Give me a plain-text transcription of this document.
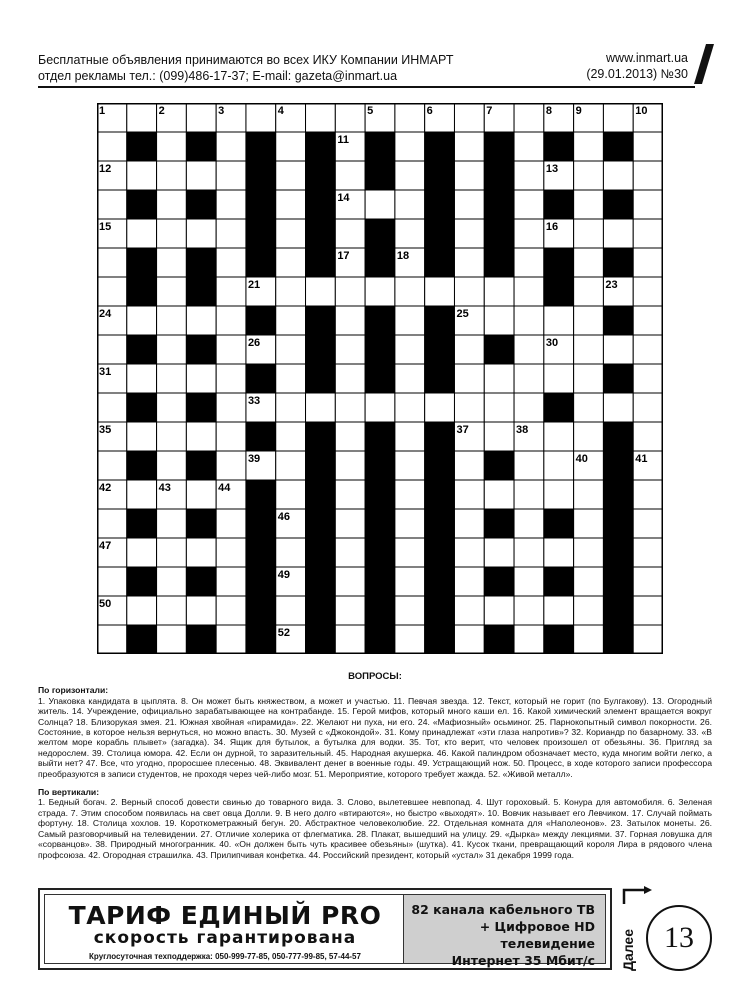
Бесплатные объявления принимаются во всех ИКУ Компании ИНМАРТ
отдел рекламы тел.: (099)486-17-37; E-mail: gazeta@inmart.ua
www.inmart.ua
(29.01.2013) №30
1	2	3	4	5	6	7	8 9	10
11
12	13
14
15	16
17	18
21	23
24	25
26	30
31
33
35	37	38
39	40	41
42	43	44
46
47
49
50
52
ВОПРОСЫ:
По горизонтали:
1. Упаковка кандидата в цыплята. 8. Он может быть княжеством, а может и участью. 11. Певчая звезда. 12. Текст, который не горит (по Булгакову). 13. Огородный житель. 14. Учреждение, официально зарабатывающее на контрабанде. 15. Герой мифов, который много каши ел. 16. Какой химический элемент вращается вокруг Солнца? 18. Близорукая змея. 21. Южная хвойная «пирамида». 22. Желают ни пуха, ни его. 24. «Мафиозный» осьминог. 25. Парнокопытный символ покорности. 26. Состояние, в которое нельзя вернуться, но можно впасть. 30. Музей с «Джокондой». 31. Кому принадлежат «эти глаза напротив»? 32. Кориандр по базарному. 33. «В желтом море корабль плывет» (загадка). 34. Ящик для бутылок, а бутылка для водки. 35. Тот, кто верит, что человек произошел от обезьяны. 36. Пригляд за недорослем. 39. Столица юмора. 42. Если он дурной, то заразительный. 45. Народная акушерка. 46. Какой палиндром обозначает место, куда многим войти легко, а выйти нет? 47. Все, что угодно, проросшее плесенью. 48. Эквивалент денег в военные годы. 49. Устращающий нож. 50. Процесс, в ходе которого записи профессора преобразуются в записи студентов, не проходя через чей-либо мозг. 51. Мероприятие, которого требует жажда. 52. «Живой металл».
По вертикали:
1. Бедный богач. 2. Верный способ довести свинью до товарного вида. 3. Слово, вылетевшее невпопад. 4. Шут гороховый. 5. Конура для автомобиля. 6. Зеленая страда. 7. Этим способом появилась на свет овца Долли. 9. В него долго «втираются», но быстро «выходят». 10. Вовчик называет его Левчиком. 17. Случай поймать фортуну. 18. Столица хохлов. 19. Короткометражный бегун. 20. Абстрактное человеколюбие. 22. Отдельная комната для «Наполеонов». 23. Затылок монеты. 26. Самый разговорчивый на телевидении. 27. Отличие холерика от флегматика. 28. Плакат, вышедший на улицу. 29. «Дырка» между лекциями. 37. Горная ловушка для «сорванцов». 38. Природный многогранник. 40. «Он должен быть чуть красивее обезьяны» (шутка). 41. Кусок ткани, превращающий короля Лира в рядового члена профсоюза. 42. Огородная страшилка. 43. Прилипчивая конфетка. 44. Российский президент, который «устал» 31 декабря 1999 года.
ТАРИФ ЕДИНЫЙ PRO
скорость гарантирована
Круглосуточная техподдержка: 050-999-77-85, 050-777-99-85, 57-44-57
82 канала кабельного ТВ
+ Цифровое HD телевидение
Интернет 35 Мбит/с Далее 13
